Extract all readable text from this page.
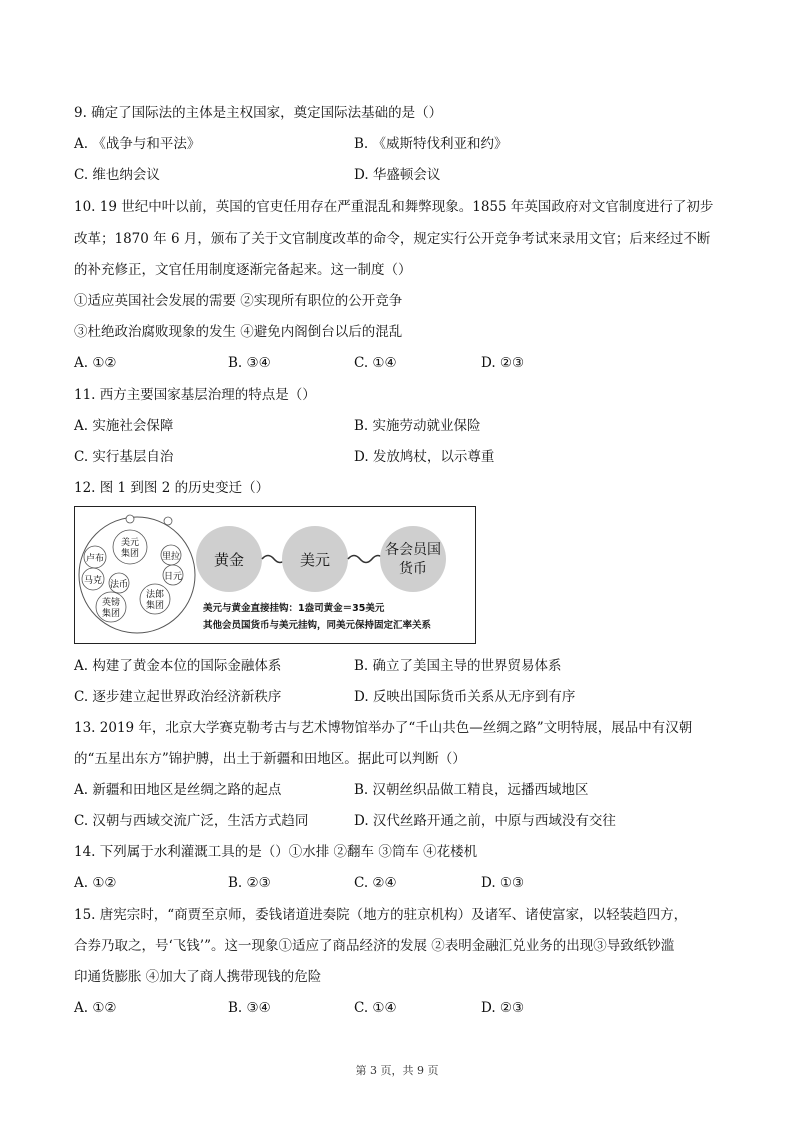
9. 确定了国际法的主体是主权国家，奠定国际法基础的是（）
A. 《战争与和平法》	B. 《威斯特伐利亚和约》
C. 维也纳会议	D. 华盛顿会议
10. 19 世纪中叶以前，英国的官吏任用存在严重混乱和舞弊现象。1855 年英国政府对文官制度进行了初步
改革；1870 年 6 月，颁布了关于文官制度改革的命令，规定实行公开竞争考试来录用文官；后来经过不断
的补充修正，文官任用制度逐渐完备起来。这一制度（）
①适应英国社会发展的需要 ②实现所有职位的公开竞争
③杜绝政治腐败现象的发生 ④避免内阁倒台以后的混乱
A. ①②	B. ③④	C. ①④	D. ②③
11. 西方主要国家基层治理的特点是（）
A. 实施社会保障	B. 实施劳动就业保险
C. 实行基层自治	D. 发放鸠杖，以示尊重
12. 图 1 到图 2 的历史变迁（）
卢布
美元
集团	里拉
日元
马克 法币
英镑
集团
法郎
集团
黄金	美元
各会员国
货币
美元与黄金直接挂钩：1盎司黄金＝35美元
其他会员国货币与美元挂钩，同美元保持固定汇率关系
A. 构建了黄金本位的国际金融体系	B. 确立了美国主导的世界贸易体系
C. 逐步建立起世界政治经济新秩序	D. 反映出国际货币关系从无序到有序
13. 2019 年，北京大学赛克勒考古与艺术博物馆举办了“千山共色—丝绸之路”文明特展，展品中有汉朝
的“五星出东方”锦护膊，出土于新疆和田地区。据此可以判断（）
A. 新疆和田地区是丝绸之路的起点	B. 汉朝丝织品做工精良，远播西域地区
C. 汉朝与西域交流广泛，生活方式趋同	D. 汉代丝路开通之前，中原与西域没有交往
14. 下列属于水利灌溉工具的是（）①水排 ②翻车 ③筒车 ④花楼机
A. ①②	B. ②③	C. ②④	D. ①③
15. 唐宪宗时，“商贾至京师，委钱诸道进奏院（地方的驻京机构）及诸军、诸使富家，以轻装趋四方，
合券乃取之，号‘飞钱’”。这一现象①适应了商品经济的发展 ②表明金融汇兑业务的出现③导致纸钞滥
印通货膨胀 ④加大了商人携带现钱的危险
A. ①②	B. ③④	C. ①④	D. ②③
第 3 页，共 9 页
